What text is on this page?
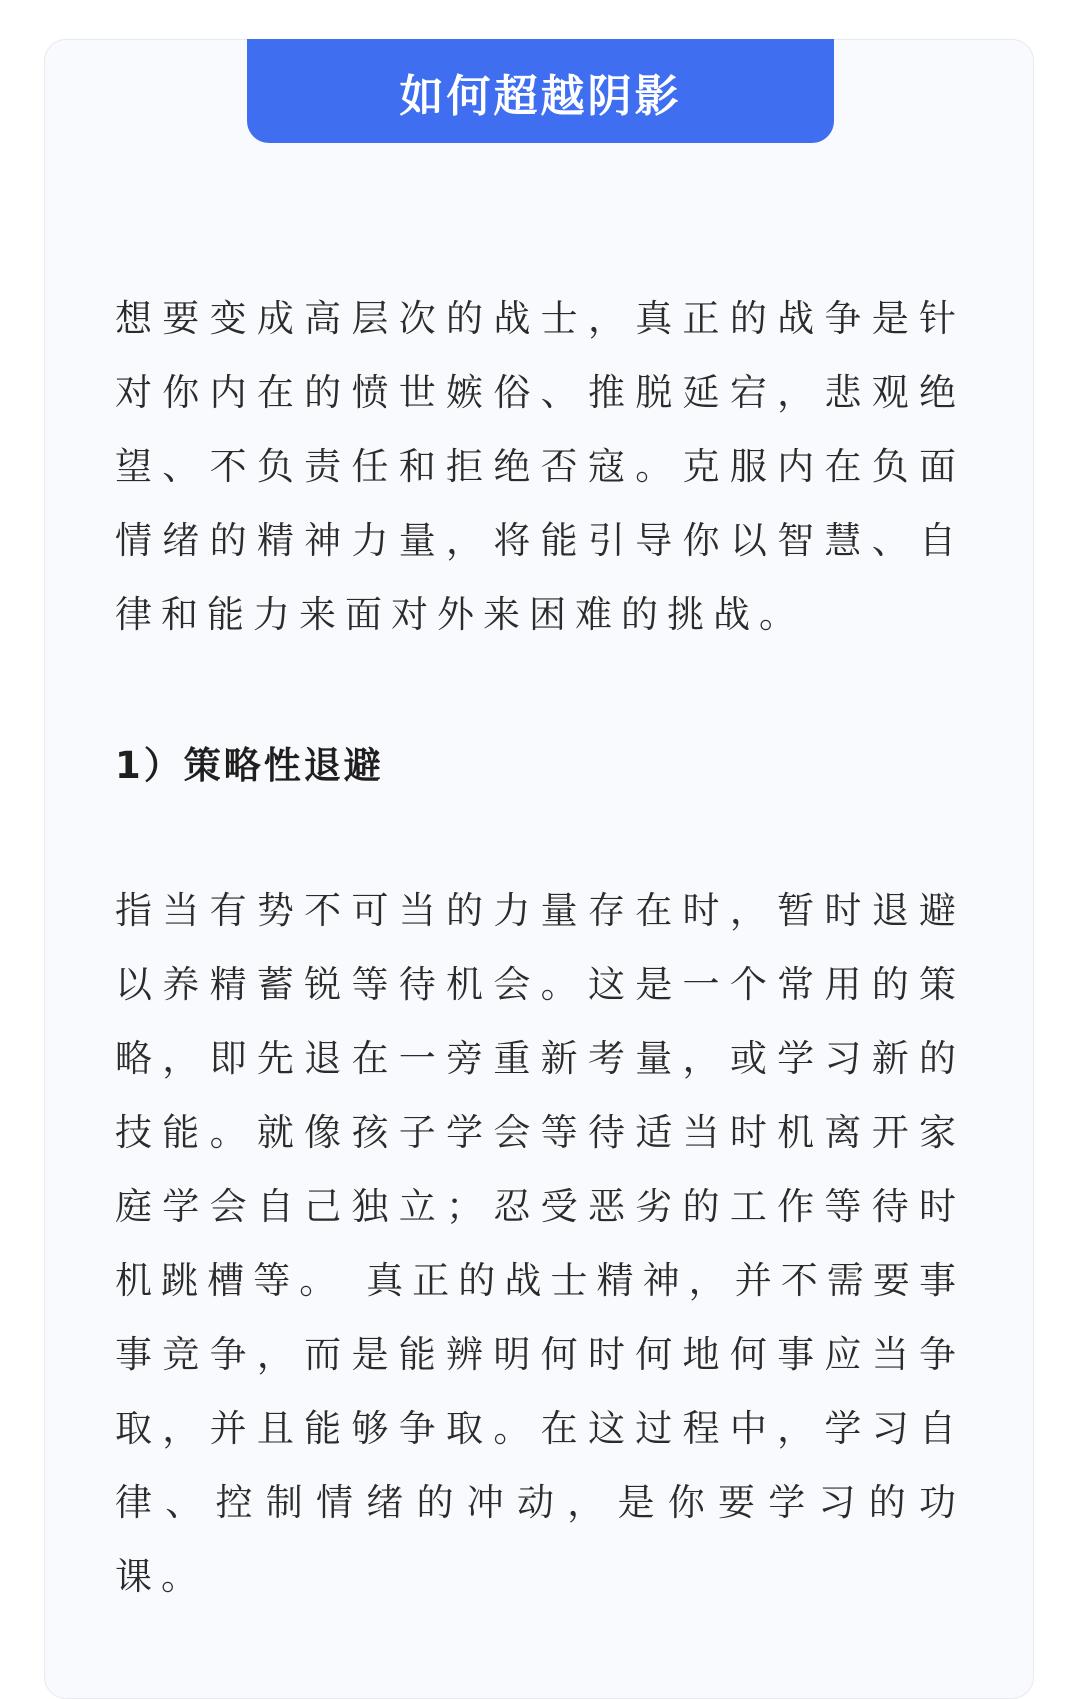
如何超越阴影

想要变成高层次的战士，真正的战争是针对你内在的愤世嫉俗、推脱延宕，悲观绝望、不负责任和拒绝否寇。克服内在负面情绪的精神力量，将能引导你以智慧、自律和能力来面对外来困难的挑战。

1）策略性退避

指当有势不可当的力量存在时，暂时退避以养精蓄锐等待机会。这是一个常用的策略，即先退在一旁重新考量，或学习新的技能。就像孩子学会等待适当时机离开家庭学会自己独立；忍受恶劣的工作等待时机跳槽等。 真正的战士精神，并不需要事事竞争，而是能辨明何时何地何事应当争取，并且能够争取。在这过程中，学习自律、控制情绪的冲动，是你要学习的功课。
